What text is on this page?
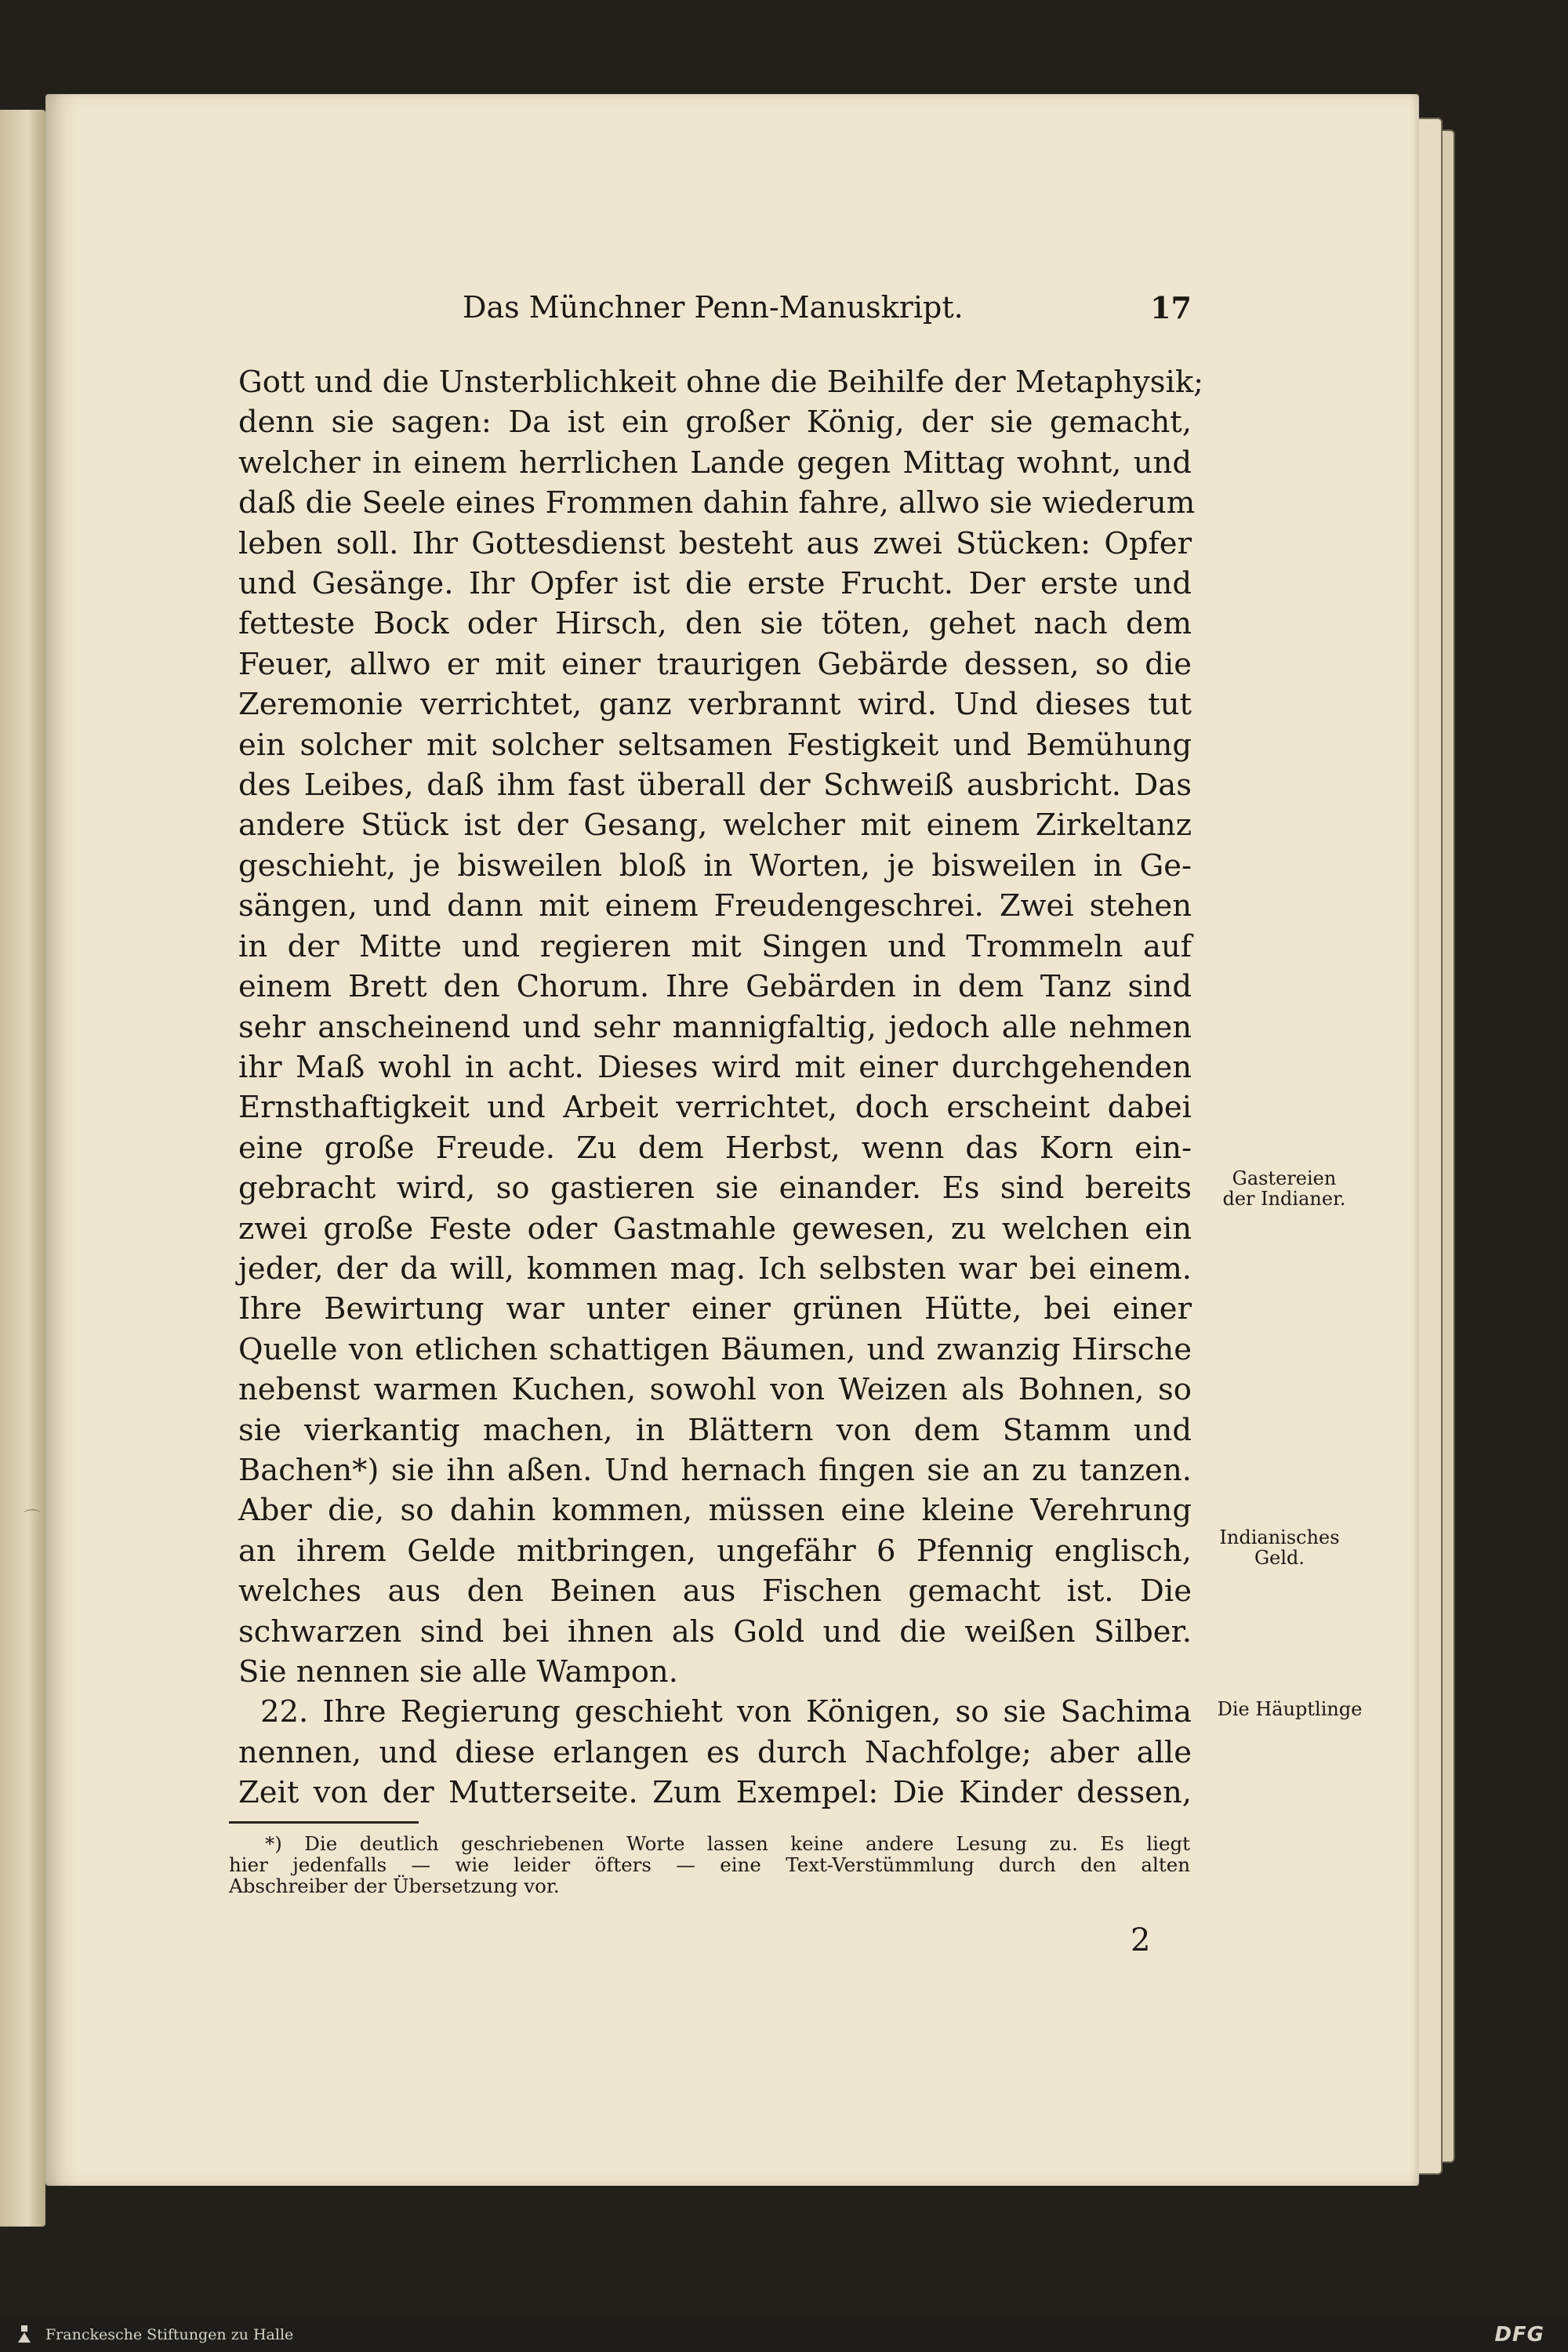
Das Münchner Penn-Manuskript.	17
Gott und die Unsterblichkeit ohne die Beihilfe der Metaphysik;
denn sie sagen: Da ist ein großer König, der sie gemacht,
welcher in einem herrlichen Lande gegen Mittag wohnt, und
daß die Seele eines Frommen dahin fahre, allwo sie wiederum
leben soll. Ihr Gottesdienst besteht aus zwei Stücken: Opfer
und Gesänge. Ihr Opfer ist die erste Frucht. Der erste und
fetteste Bock oder Hirsch, den sie töten, gehet nach dem
Feuer, allwo er mit einer traurigen Gebärde dessen, so die
Zeremonie verrichtet, ganz verbrannt wird. Und dieses tut
ein solcher mit solcher seltsamen Festigkeit und Bemühung
des Leibes, daß ihm fast überall der Schweiß ausbricht. Das
andere Stück ist der Gesang, welcher mit einem Zirkeltanz
geschieht, je bisweilen bloß in Worten, je bisweilen in Ge-
sängen, und dann mit einem Freudengeschrei. Zwei stehen
in der Mitte und regieren mit Singen und Trommeln auf
einem Brett den Chorum. Ihre Gebärden in dem Tanz sind
sehr anscheinend und sehr mannigfaltig, jedoch alle nehmen
ihr Maß wohl in acht. Dieses wird mit einer durchgehenden
Ernsthaftigkeit und Arbeit verrichtet, doch erscheint dabei
eine große Freude. Zu dem Herbst, wenn das Korn ein-
gebracht wird, so gastieren sie einander. Es sind bereits
zwei große Feste oder Gastmahle gewesen, zu welchen ein
jeder, der da will, kommen mag. Ich selbsten war bei einem.
Ihre Bewirtung war unter einer grünen Hütte, bei einer
Quelle von etlichen schattigen Bäumen, und zwanzig Hirsche
nebenst warmen Kuchen, sowohl von Weizen als Bohnen, so
sie vierkantig machen, in Blättern von dem Stamm und
Bachen*) sie ihn aßen. Und hernach fingen sie an zu tanzen.
Aber die, so dahin kommen, müssen eine kleine Verehrung
an ihrem Gelde mitbringen, ungefähr 6 Pfennig englisch,
welches aus den Beinen aus Fischen gemacht ist. Die
schwarzen sind bei ihnen als Gold und die weißen Silber.
Sie nennen sie alle Wampon.
22. Ihre Regierung geschieht von Königen, so sie Sachima
nennen, und diese erlangen es durch Nachfolge; aber alle
Zeit von der Mutterseite. Zum Exempel: Die Kinder dessen,
Gastereien
der Indianer.
Indianisches
Geld.
Die Häuptlinge
*) Die deutlich geschriebenen Worte lassen keine andere Lesung zu. Es liegt
hier jedenfalls — wie leider öfters — eine Text-Verstümmlung durch den alten
Abschreiber der Übersetzung vor.
2
⌒
Franckesche Stiftungen zu Halle	DFG
